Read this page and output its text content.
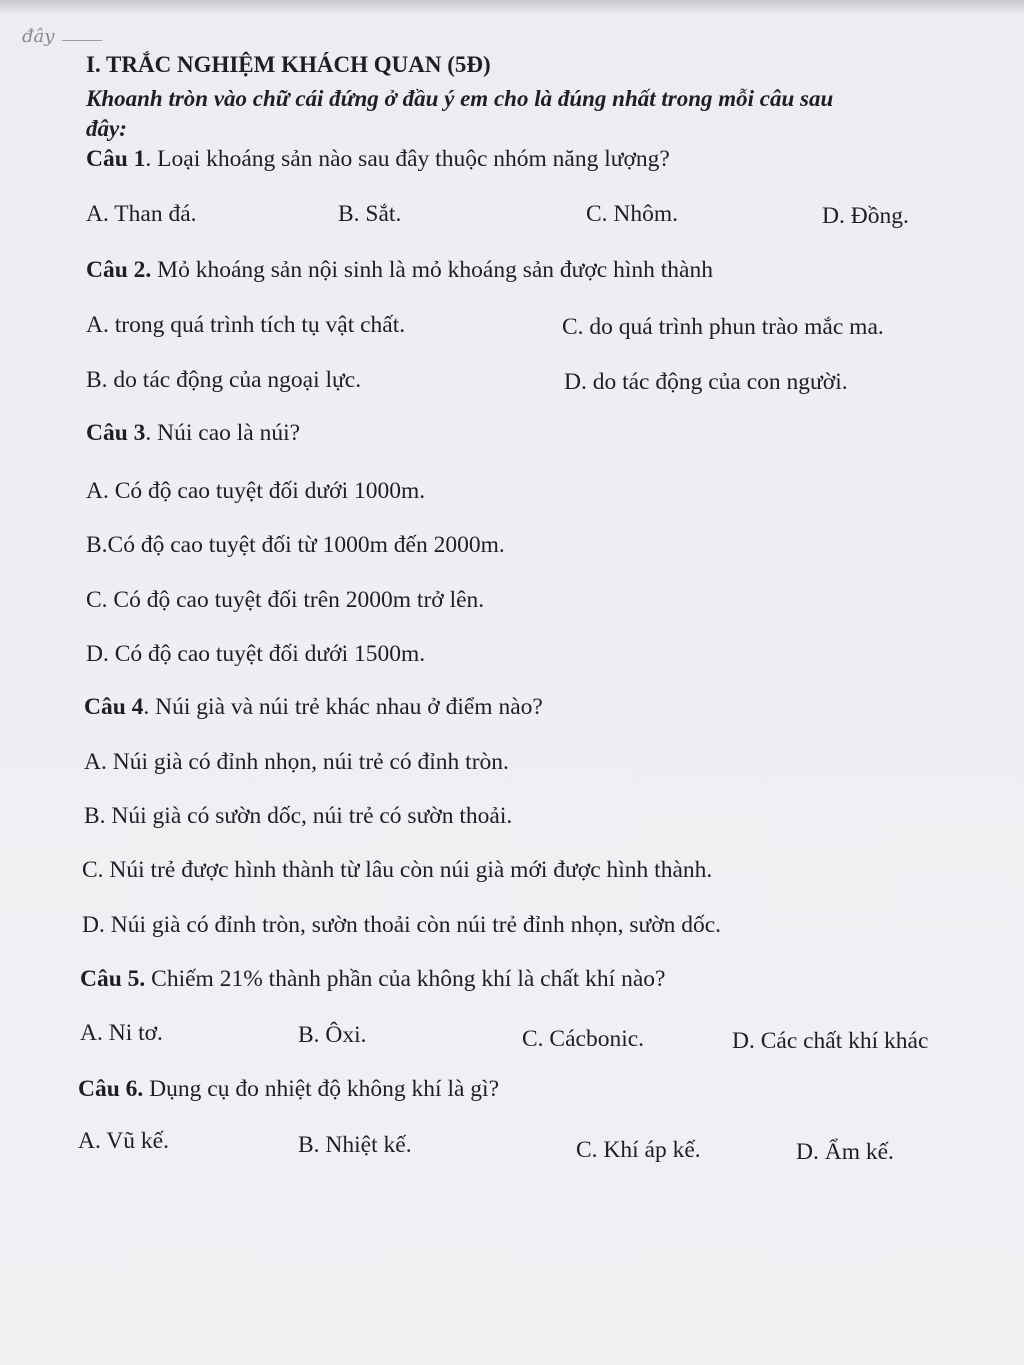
đây
I. TRẮC NGHIỆM KHÁCH QUAN (5Đ)
Khoanh tròn vào chữ cái đứng ở đầu ý em cho là đúng nhất trong mỗi câu sau
đây:
Câu 1. Loại khoáng sản nào sau đây thuộc nhóm năng lượng?
A. Than đá.	B. Sắt.	C. Nhôm.	D. Đồng.
Câu 2. Mỏ khoáng sản nội sinh là mỏ khoáng sản được hình thành
A. trong quá trình tích tụ vật chất.	C. do quá trình phun trào mắc ma.
B. do tác động của ngoại lực.	D. do tác động của con người.
Câu 3. Núi cao là núi?
A. Có độ cao tuyệt đối dưới 1000m.
B.Có độ cao tuyệt đối từ 1000m đến 2000m.
C. Có độ cao tuyệt đối trên 2000m trở lên.
D. Có độ cao tuyệt đối dưới 1500m.
Câu 4. Núi già và núi trẻ khác nhau ở điểm nào?
A. Núi già có đỉnh nhọn, núi trẻ có đỉnh tròn.
B. Núi già có sườn dốc, núi trẻ có sườn thoải.
C. Núi trẻ được hình thành từ lâu còn núi già mới được hình thành.
D. Núi già có đỉnh tròn, sườn thoải còn núi trẻ đỉnh nhọn, sườn dốc.
Câu 5. Chiếm 21% thành phần của không khí là chất khí nào?
A. Ni tơ.	B. Ôxi.	C. Cácbonic.	D. Các chất khí khác
Câu 6. Dụng cụ đo nhiệt độ không khí là gì?
A. Vũ kế.	B. Nhiệt kế.	C. Khí áp kế.	D. Ẩm kế.
